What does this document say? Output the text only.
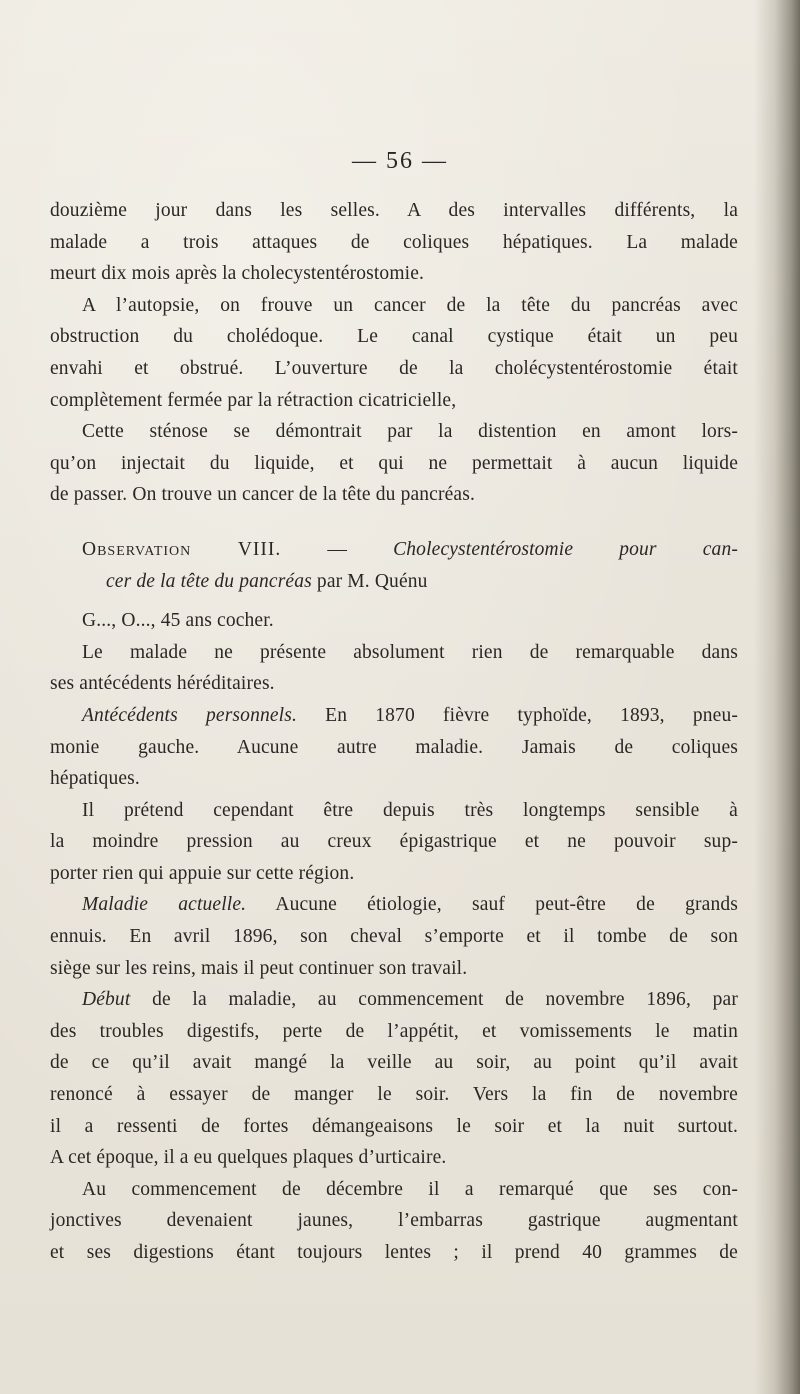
— 56 —
douzième jour dans les selles. A des intervalles différents, la
malade a trois attaques de coliques hépatiques. La malade
meurt dix mois après la cholecystentérostomie.
A l’autopsie, on frouve un cancer de la tête du pancréas avec
obstruction du cholédoque. Le canal cystique était un peu
envahi et obstrué. L’ouverture de la cholécystentérostomie était
complètement fermée par la rétraction cicatricielle,
Cette sténose se démontrait par la distention en amont lors-
qu’on injectait du liquide, et qui ne permettait à aucun liquide
de passer. On trouve un cancer de la tête du pancréas.
Observation VIII. — Cholecystentérostomie pour can-
cer de la tête du pancréas par M. Quénu
G..., O..., 45 ans cocher.
Le malade ne présente absolument rien de remarquable dans
ses antécédents héréditaires.
Antécédents personnels. En 1870 fièvre typhoïde, 1893, pneu-
monie gauche. Aucune autre maladie. Jamais de coliques
hépatiques.
Il prétend cependant être depuis très longtemps sensible à
la moindre pression au creux épigastrique et ne pouvoir sup-
porter rien qui appuie sur cette région.
Maladie actuelle. Aucune étiologie, sauf peut-être de grands
ennuis. En avril 1896, son cheval s’emporte et il tombe de son
siège sur les reins, mais il peut continuer son travail.
Début de la maladie, au commencement de novembre 1896, par
des troubles digestifs, perte de l’appétit, et vomissements le matin
de ce qu’il avait mangé la veille au soir, au point qu’il avait
renoncé à essayer de manger le soir. Vers la fin de novembre
il a ressenti de fortes démangeaisons le soir et la nuit surtout.
A cet époque, il a eu quelques plaques d’urticaire.
Au commencement de décembre il a remarqué que ses con-
jonctives devenaient jaunes, l’embarras gastrique augmentant
et ses digestions étant toujours lentes ; il prend 40 grammes de
